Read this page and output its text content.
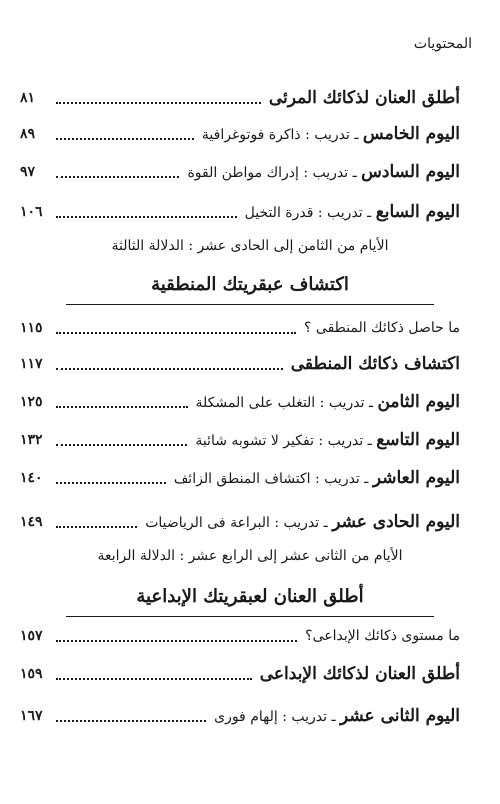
المحتويات
أطلق العنان لذكائك المرئى
٨١
اليوم الخامس ـ تدريب : ذاكرة فوتوغرافية
٨٩
اليوم السادس ـ تدريب : إدراك مواطن القوة
٩٧
اليوم السابع ـ تدريب : قدرة التخيل
١٠٦
الأيام من الثامن إلى الحادى عشر : الدلالة الثالثة
اكتشاف عبقريتك المنطقية
ما حاصل ذكائك المنطقى ؟
١١٥
اكتشاف ذكائك المنطقى
١١٧
اليوم الثامن ـ تدريب : التغلب على المشكلة
١٢٥
اليوم التاسع ـ تدريب : تفكير لا تشوبه شائبة
١٣٢
اليوم العاشر ـ تدريب : اكتشاف المنطق الزائف
١٤٠
اليوم الحادى عشر ـ تدريب : البراعة فى الرياضيات
١٤٩
الأيام من الثانى عشر إلى الرابع عشر : الدلالة الرابعة
أطلق العنان لعبقريتك الإبداعية
ما مستوى ذكائك الإبداعى؟
١٥٧
أطلق العنان لذكائك الإبداعى
١٥٩
اليوم الثانى عشر ـ تدريب : إلهام فورى
١٦٧
